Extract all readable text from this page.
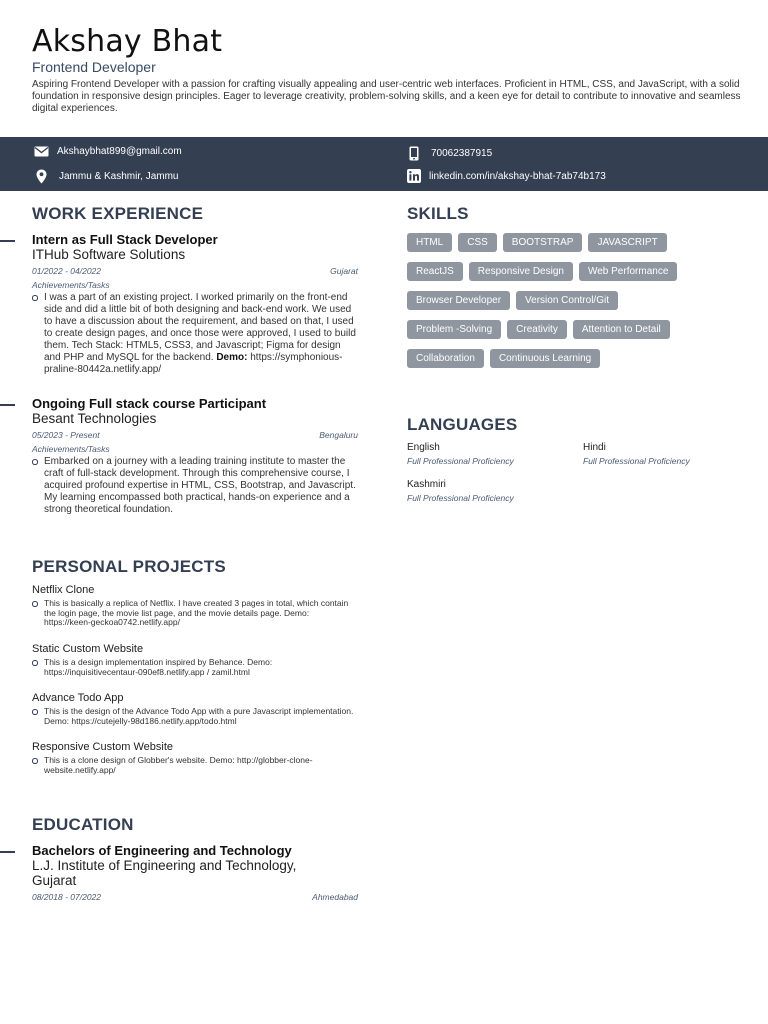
Akshay Bhat
Frontend Developer
Aspiring Frontend Developer with a passion for crafting visually appealing and user-centric web interfaces. Proficient in HTML, CSS, and JavaScript, with a solid foundation in responsive design principles. Eager to leverage creativity, problem-solving skills, and a keen eye for detail to contribute to innovative and seamless digital experiences.
Akshaybhat899@gmail.com	70062387915
Jammu & Kashmir, Jammu	linkedin.com/in/akshay-bhat-7ab74b173
WORK EXPERIENCE
Intern as Full Stack Developer
ITHub Software Solutions
01/2022 - 04/2022	Gujarat
Achievements/Tasks
I was a part of an existing project. I worked primarily on the front-end side and did a little bit of both designing and back-end work. We used to have a discussion about the requirement, and based on that, I used to create design pages, and once those were approved, I used to build them. Tech Stack: HTML5, CSS3, and Javascript; Figma for design and PHP and MySQL for the backend. Demo: https://symphonious-praline-80442a.netlify.app/
Ongoing Full stack course Participant
Besant Technologies
05/2023 - Present	Bengaluru
Achievements/Tasks
Embarked on a journey with a leading training institute to master the craft of full-stack development. Through this comprehensive course, I acquired profound expertise in HTML, CSS, Bootstrap, and Javascript. My learning encompassed both practical, hands-on experience and a strong theoretical foundation.
PERSONAL PROJECTS
Netflix Clone
This is basically a replica of Netflix. I have created 3 pages in total, which contain the login page, the movie list page, and the movie details page. Demo: https://keen-geckoa0742.netlify.app/
Static Custom Website
This is a design implementation inspired by Behance. Demo: https://inquisitivecentaur-090ef8.netlify.app / zamil.html
Advance Todo App
This is the design of the Advance Todo App with a pure Javascript implementation. Demo: https://cutejelly-98d186.netlify.app/todo.html
Responsive Custom Website
This is a clone design of Globber's website. Demo: http://globber-clone-website.netlify.app/
EDUCATION
Bachelors of Engineering and Technology
L.J. Institute of Engineering and Technology, Gujarat
08/2018 - 07/2022	Ahmedabad
SKILLS
HTML	CSS	BOOTSTRAP	JAVASCRIPT
ReactJS	Responsive Design	Web Performance
Browser Developer	Version Control/Git
Problem -Solving	Creativity	Attention to Detail
Collaboration	Continuous Learning
LANGUAGES
English
Full Professional Proficiency
Hindi
Full Professional Proficiency
Kashmiri
Full Professional Proficiency
